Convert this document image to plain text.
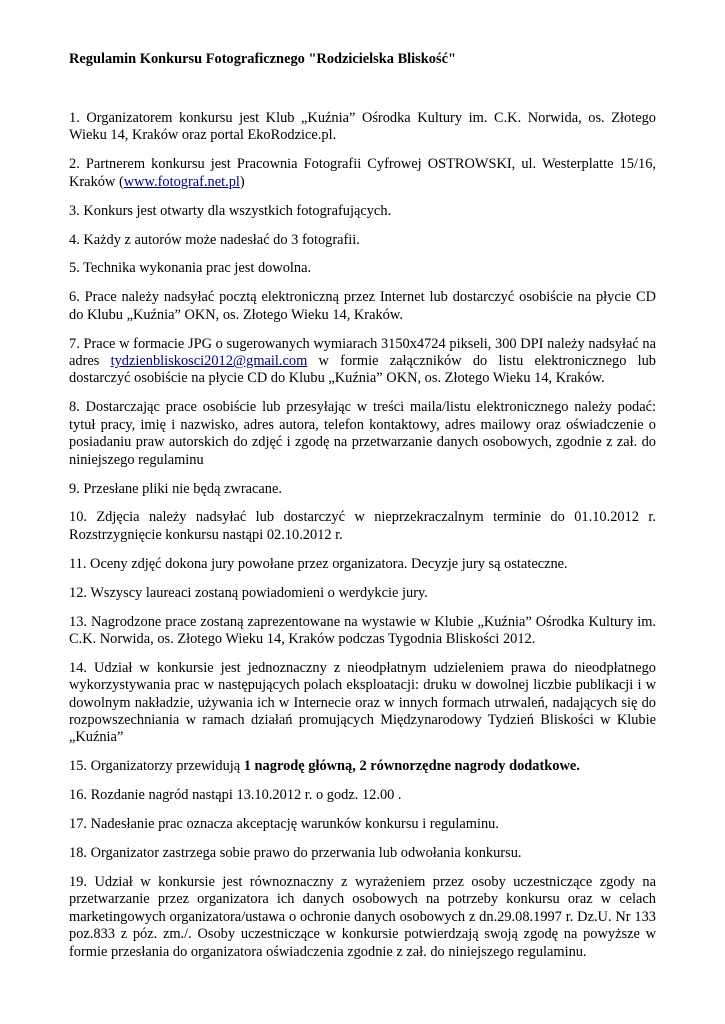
Regulamin Konkursu Fotograficznego "Rodzicielska Bliskość"

1. Organizatorem konkursu jest Klub „Kuźnia” Ośrodka Kultury im. C.K. Norwida, os. Złotego Wieku 14, Kraków oraz portal EkoRodzice.pl.

2. Partnerem konkursu jest Pracownia Fotografii Cyfrowej OSTROWSKI, ul. Westerplatte 15/16, Kraków (www.fotograf.net.pl)

3. Konkurs jest otwarty dla wszystkich fotografujących.

4. Każdy z autorów może nadesłać do 3 fotografii.

5. Technika wykonania prac jest dowolna.

6. Prace należy nadsyłać pocztą elektroniczną przez Internet lub dostarczyć osobiście na płycie CD do Klubu „Kuźnia” OKN, os. Złotego Wieku 14, Kraków.

7. Prace w formacie JPG o sugerowanych wymiarach 3150x4724 pikseli, 300 DPI należy nadsyłać na adres tydzienbliskosci2012@gmail.com w formie załączników do listu elektronicznego lub dostarczyć osobiście na płycie CD do Klubu „Kuźnia” OKN, os. Złotego Wieku 14, Kraków.

8. Dostarczając prace osobiście lub przesyłając w treści maila/listu elektronicznego należy podać: tytuł pracy, imię i nazwisko, adres autora, telefon kontaktowy, adres mailowy oraz oświadczenie o posiadaniu praw autorskich do zdjęć i zgodę na przetwarzanie danych osobowych, zgodnie z zał. do niniejszego regulaminu

9. Przesłane pliki nie będą zwracane.

10. Zdjęcia należy nadsyłać lub dostarczyć w nieprzekraczalnym terminie do 01.10.2012 r. Rozstrzygnięcie konkursu nastąpi 02.10.2012 r.

11. Oceny zdjęć dokona jury powołane przez organizatora. Decyzje jury są ostateczne.

12. Wszyscy laureaci zostaną powiadomieni o werdykcie jury.

13. Nagrodzone prace zostaną zaprezentowane na wystawie w Klubie „Kuźnia” Ośrodka Kultury im. C.K. Norwida, os. Złotego Wieku 14, Kraków podczas Tygodnia Bliskości 2012.

14. Udział w konkursie jest jednoznaczny z nieodpłatnym udzieleniem prawa do nieodpłatnego wykorzystywania prac w następujących polach eksploatacji: druku w dowolnej liczbie publikacji i w dowolnym nakładzie, używania ich w Internecie oraz w innych formach utrwaleń, nadających się do rozpowszechniania w ramach działań promujących Międzynarodowy Tydzień Bliskości w Klubie „Kuźnia”

15. Organizatorzy przewidują 1 nagrodę główną, 2 równorzędne nagrody dodatkowe.

16. Rozdanie nagród nastąpi 13.10.2012 r. o godz. 12.00 .

17. Nadesłanie prac oznacza akceptację warunków konkursu i regulaminu.

18. Organizator zastrzega sobie prawo do przerwania lub odwołania konkursu.

19. Udział w konkursie jest równoznaczny z wyrażeniem przez osoby uczestniczące zgody na przetwarzanie przez organizatora ich danych osobowych na potrzeby konkursu oraz w celach marketingowych organizatora/ustawa o ochronie danych osobowych z dn.29.08.1997 r. Dz.U. Nr 133 poz.833 z póz. zm./. Osoby uczestniczące w konkursie potwierdzają swoją zgodę na powyższe w formie przesłania do organizatora oświadczenia zgodnie z zał. do niniejszego regulaminu.
